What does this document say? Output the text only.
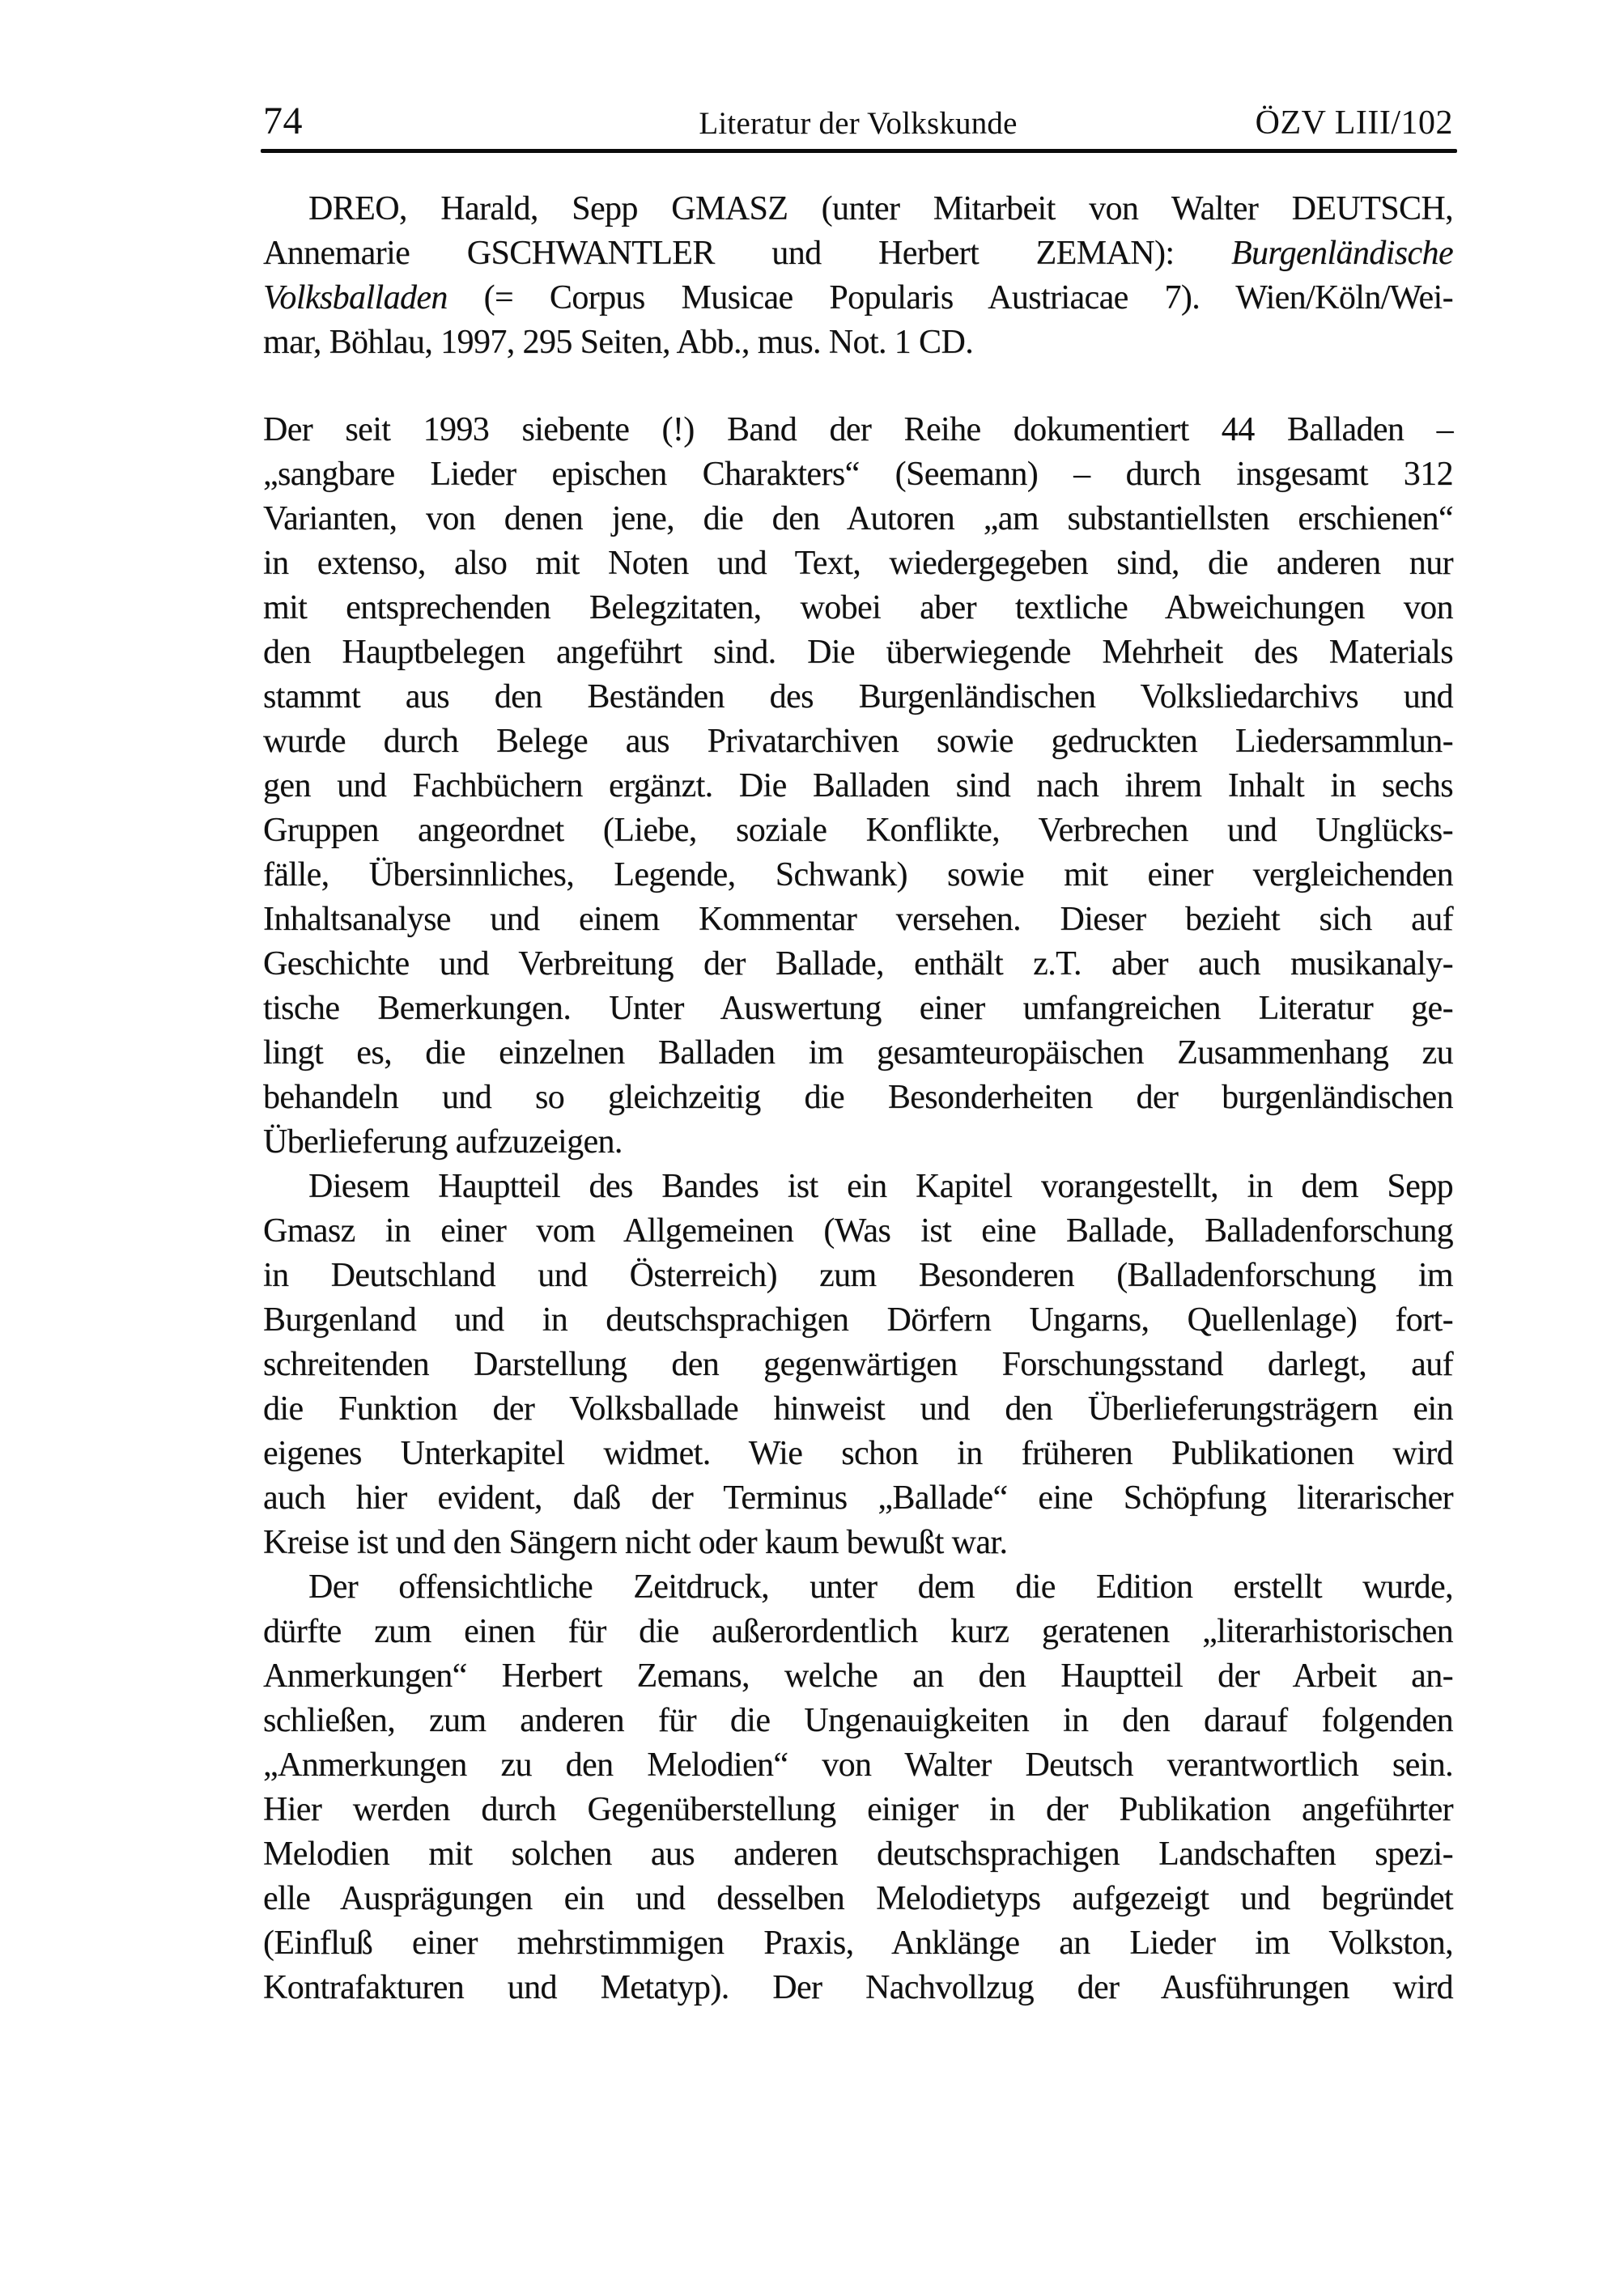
74	Literatur der Volkskunde	ÖZV LIII/102
DREO, Harald, Sepp GMASZ (unter Mitarbeit von Walter DEUTSCH,
Annemarie GSCHWANTLER und Herbert ZEMAN): Burgenländische
Volksballaden (= Corpus Musicae Popularis Austriacae 7). Wien/Köln/Wei-
mar, Böhlau, 1997, 295 Seiten, Abb., mus. Not. 1 CD.
Der seit 1993 siebente (!) Band der Reihe dokumentiert 44 Balladen –
„sangbare Lieder epischen Charakters“ (Seemann) – durch insgesamt 312
Varianten, von denen jene, die den Autoren „am substantiellsten erschienen“
in extenso, also mit Noten und Text, wiedergegeben sind, die anderen nur
mit entsprechenden Belegzitaten, wobei aber textliche Abweichungen von
den Hauptbelegen angeführt sind. Die überwiegende Mehrheit des Materials
stammt aus den Beständen des Burgenländischen Volksliedarchivs und
wurde durch Belege aus Privatarchiven sowie gedruckten Liedersammlun-
gen und Fachbüchern ergänzt. Die Balladen sind nach ihrem Inhalt in sechs
Gruppen angeordnet (Liebe, soziale Konflikte, Verbrechen und Unglücks-
fälle, Übersinnliches, Legende, Schwank) sowie mit einer vergleichenden
Inhaltsanalyse und einem Kommentar versehen. Dieser bezieht sich auf
Geschichte und Verbreitung der Ballade, enthält z.T. aber auch musikanaly-
tische Bemerkungen. Unter Auswertung einer umfangreichen Literatur ge-
lingt es, die einzelnen Balladen im gesamteuropäischen Zusammenhang zu
behandeln und so gleichzeitig die Besonderheiten der burgenländischen
Überlieferung aufzuzeigen.
Diesem Hauptteil des Bandes ist ein Kapitel vorangestellt, in dem Sepp
Gmasz in einer vom Allgemeinen (Was ist eine Ballade, Balladenforschung
in Deutschland und Österreich) zum Besonderen (Balladenforschung im
Burgenland und in deutschsprachigen Dörfern Ungarns, Quellenlage) fort-
schreitenden Darstellung den gegenwärtigen Forschungsstand darlegt, auf
die Funktion der Volksballade hinweist und den Überlieferungsträgern ein
eigenes Unterkapitel widmet. Wie schon in früheren Publikationen wird
auch hier evident, daß der Terminus „Ballade“ eine Schöpfung literarischer
Kreise ist und den Sängern nicht oder kaum bewußt war.
Der offensichtliche Zeitdruck, unter dem die Edition erstellt wurde,
dürfte zum einen für die außerordentlich kurz geratenen „literarhistorischen
Anmerkungen“ Herbert Zemans, welche an den Hauptteil der Arbeit an-
schließen, zum anderen für die Ungenauigkeiten in den darauf folgenden
„Anmerkungen zu den Melodien“ von Walter Deutsch verantwortlich sein.
Hier werden durch Gegenüberstellung einiger in der Publikation angeführter
Melodien mit solchen aus anderen deutschsprachigen Landschaften spezi-
elle Ausprägungen ein und desselben Melodietyps aufgezeigt und begründet
(Einfluß einer mehrstimmigen Praxis, Anklänge an Lieder im Volkston,
Kontrafakturen und Metatyp). Der Nachvollzug der Ausführungen wird
